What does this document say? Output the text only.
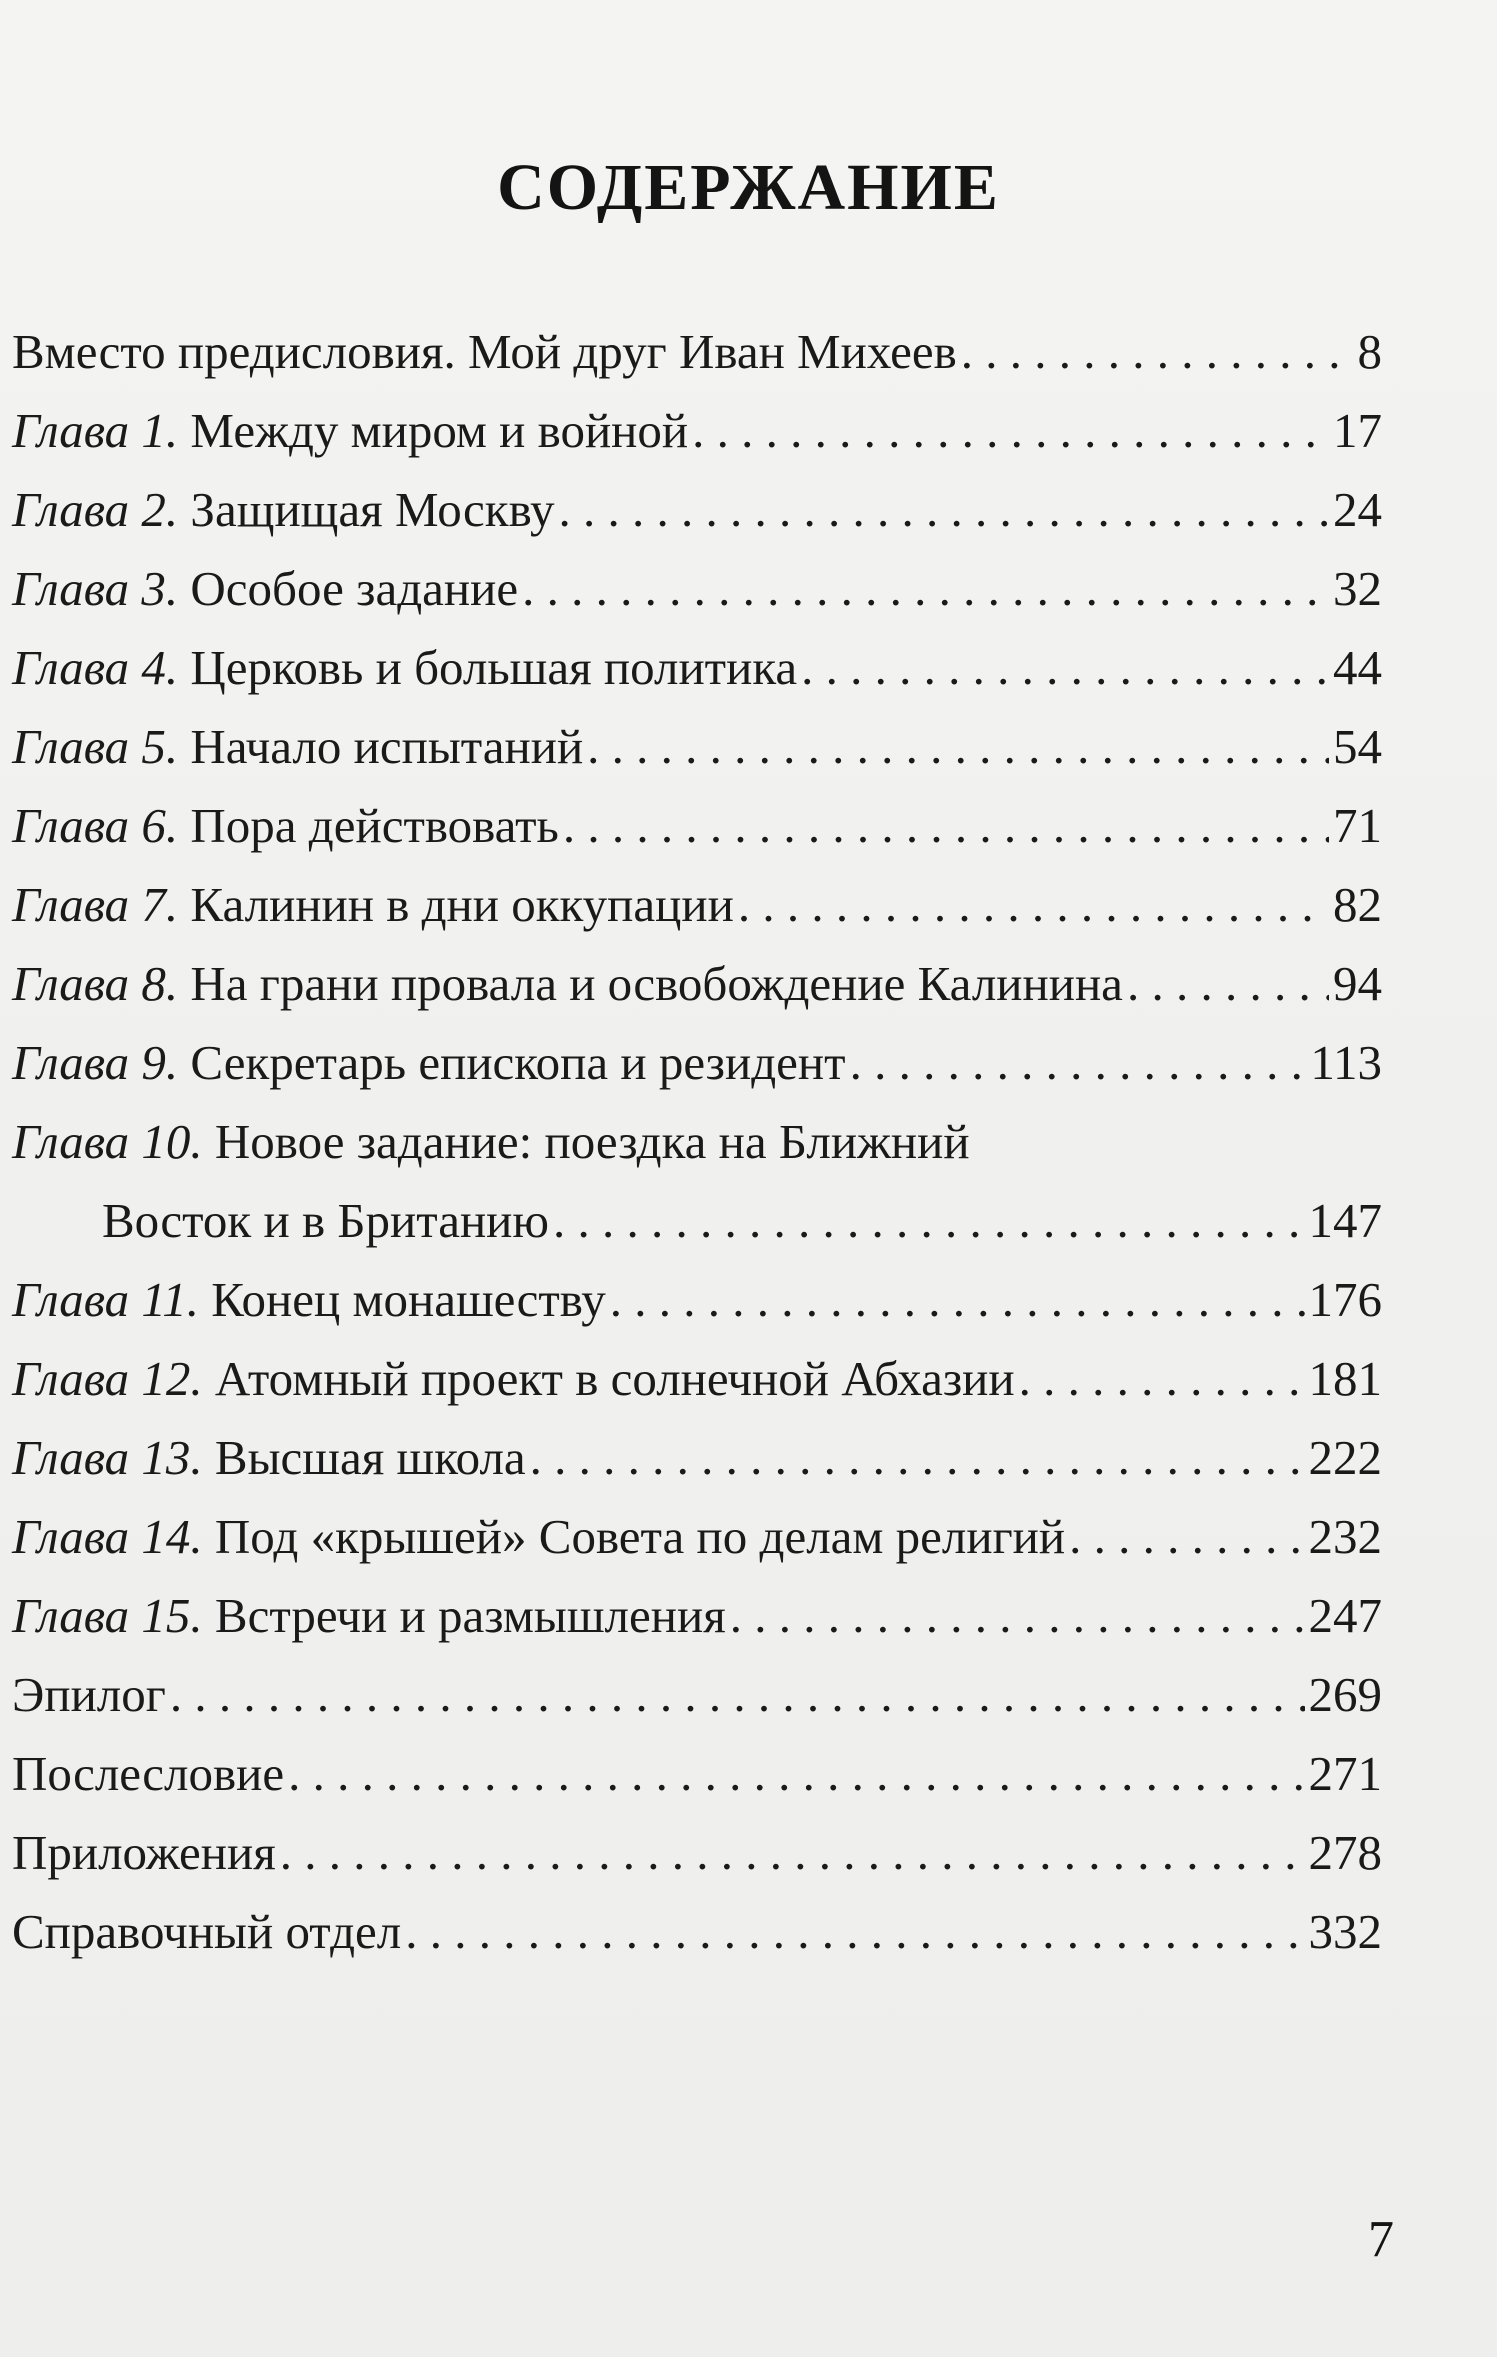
СОДЕРЖАНИЕ
Вместо предисловия. Мой друг Иван Михеев . . .	8
Глава 1. Между миром и войной . . .	17
Глава 2. Защищая Москву . . .	24
Глава 3. Особое задание . . .	32
Глава 4. Церковь и большая политика . . .	44
Глава 5. Начало испытаний . . .	54
Глава 6. Пора действовать . . .	71
Глава 7. Калинин в дни оккупации . . .	82
Глава 8. На грани провала и освобождение Калинина . . .	94
Глава 9. Секретарь епископа и резидент . . .	113
Глава 10. Новое задание: поездка на Ближний
Восток и в Британию . . .	147
Глава 11. Конец монашеству . . .	176
Глава 12. Атомный проект в солнечной Абхазии . . .	181
Глава 13. Высшая школа . . .	222
Глава 14. Под «крышей» Совета по делам религий . . .	232
Глава 15. Встречи и размышления . . .	247
Эпилог . . .	269
Послесловие . . .	271
Приложения . . .	278
Справочный отдел . . .	332
7
